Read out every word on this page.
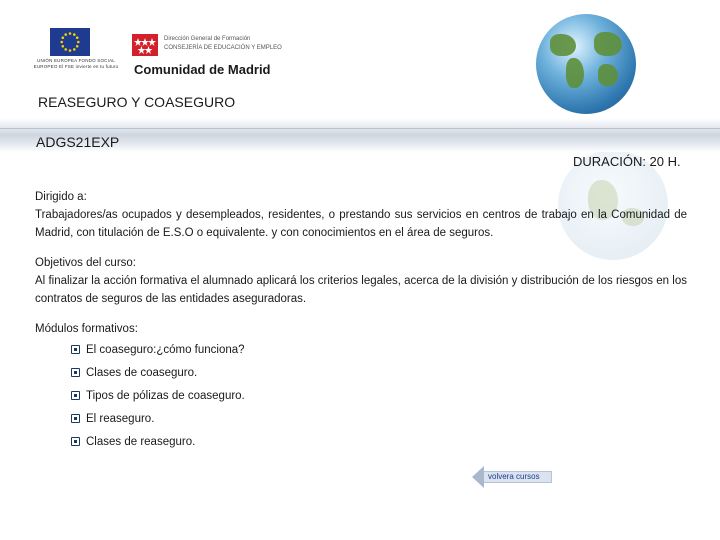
UNIÓN EUROPEA FONDO SOCIAL EUROPEO El FSE invierte en tu futuro
Dirección General de Formación
CONSEJERÍA DE EDUCACIÓN Y EMPLEO
Comunidad de Madrid
REASEGURO Y COASEGURO
ADGS21EXP
DURACIÓN: 20 H.

Dirigido a:

Trabajadores/as ocupados y desempleados, residentes, o prestando sus servicios en centros de trabajo en la Comunidad de Madrid, con titulación de E.S.O o equivalente. y con conocimientos en el área de seguros.

Objetivos del curso:

Al finalizar la acción formativa el alumnado aplicará los criterios legales, acerca de la división y distribución de los riesgos en los contratos de seguros de las entidades aseguradoras.

Módulos formativos:

El coaseguro:¿cómo funciona?
Clases de coaseguro.
Tipos de pólizas de coaseguro.
El reaseguro.
Clases de reaseguro.
volvera cursos
